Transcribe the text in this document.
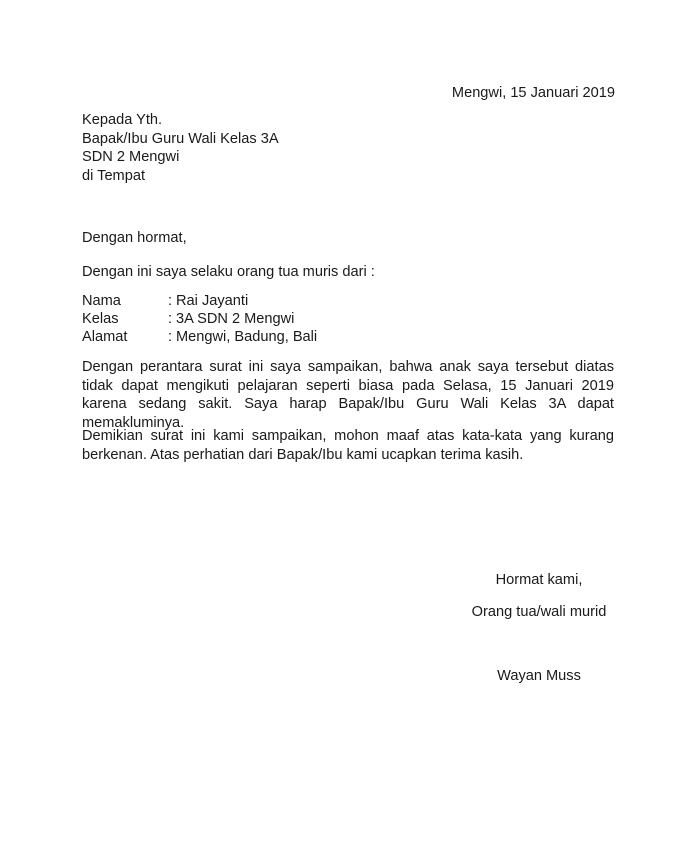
Mengwi, 15 Januari 2019
Kepada Yth.
Bapak/Ibu Guru Wali Kelas 3A
SDN 2 Mengwi
di Tempat
Dengan hormat,
Dengan ini saya selaku orang tua muris dari :
Nama	: Rai Jayanti
Kelas	: 3A SDN 2 Mengwi
Alamat	: Mengwi, Badung, Bali

Dengan perantara surat ini saya sampaikan, bahwa anak saya tersebut diatas tidak dapat mengikuti pelajaran seperti biasa pada Selasa, 15 Januari 2019 karena sedang sakit. Saya harap Bapak/Ibu Guru Wali Kelas 3A dapat memakluminya.

Demikian surat ini kami sampaikan, mohon maaf atas kata-kata yang kurang berkenan. Atas perhatian dari Bapak/Ibu kami ucapkan terima kasih.

Hormat kami,
Orang tua/wali murid
Wayan Muss
